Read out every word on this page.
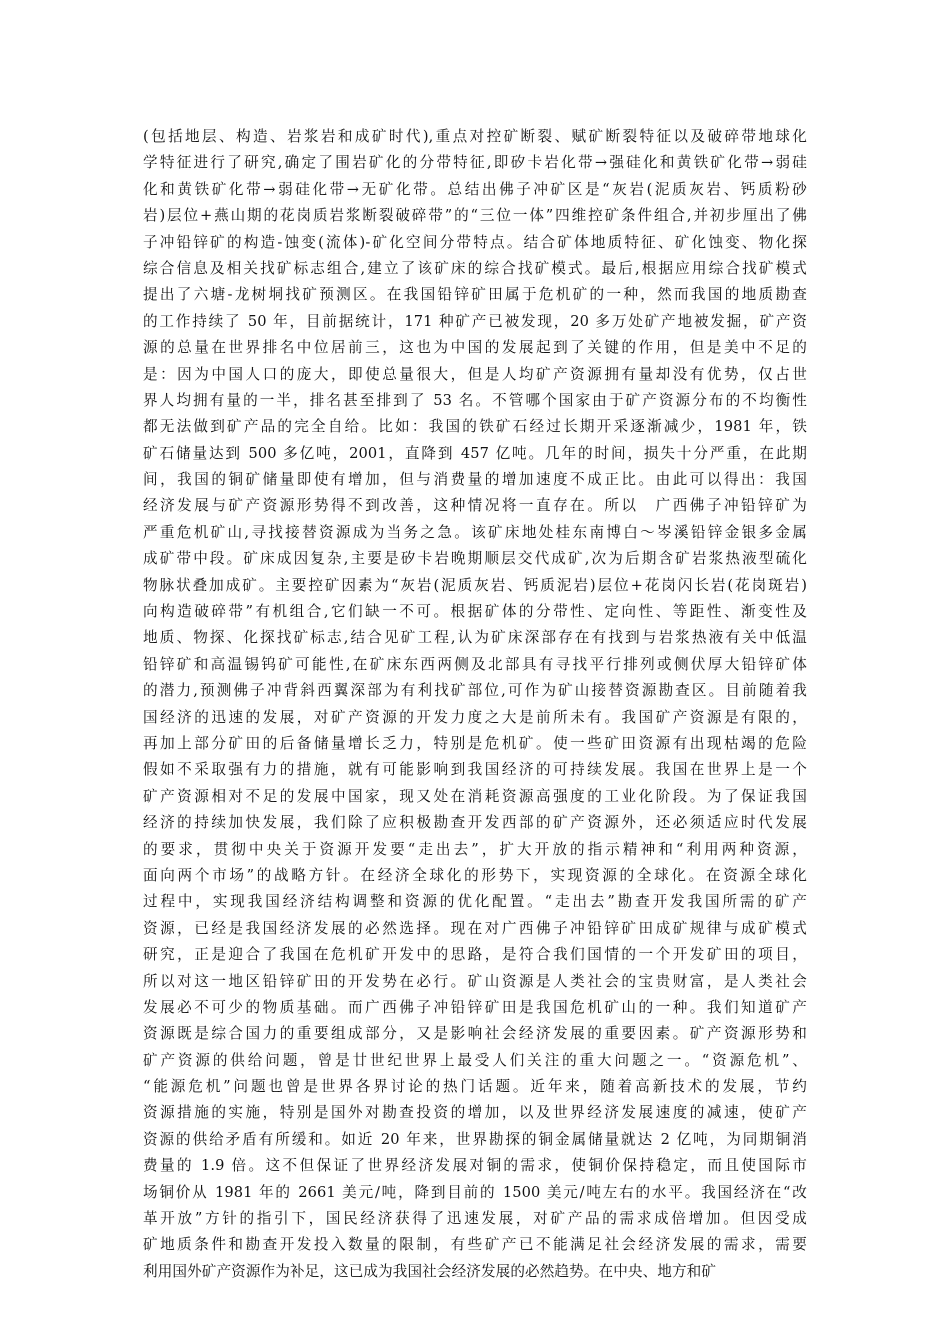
(包括地层、构造、岩浆岩和成矿时代),重点对控矿断裂、赋矿断裂特征以及破碎带地球化
学特征进行了研究,确定了围岩矿化的分带特征,即矽卡岩化带→强硅化和黄铁矿化带→弱硅
化和黄铁矿化带→弱硅化带→无矿化带。总结出佛子冲矿区是“灰岩(泥质灰岩、钙质粉砂
岩)层位+燕山期的花岗质岩浆断裂破碎带”的“三位一体”四维控矿条件组合,并初步厘出了佛
子冲铅锌矿的构造-蚀变(流体)-矿化空间分带特点。结合矿体地质特征、矿化蚀变、物化探
综合信息及相关找矿标志组合,建立了该矿床的综合找矿模式。最后,根据应用综合找矿模式
提出了六塘-龙树垌找矿预测区。在我国铅锌矿田属于危机矿的一种，然而我国的地质勘查
的工作持续了 50 年，目前据统计，171 种矿产已被发现，20 多万处矿产地被发掘，矿产资
源的总量在世界排名中位居前三，这也为中国的发展起到了关键的作用，但是美中不足的
是：因为中国人口的庞大，即使总量很大，但是人均矿产资源拥有量却没有优势，仅占世
界人均拥有量的一半，排名甚至排到了 53 名。不管哪个国家由于矿产资源分布的不均衡性
都无法做到矿产品的完全自给。比如：我国的铁矿石经过长期开采逐渐减少，1981 年，铁
矿石储量达到 500 多亿吨，2001，直降到 457 亿吨。几年的时间，损失十分严重，在此期
间，我国的铜矿储量即使有增加，但与消费量的增加速度不成正比。由此可以得出：我国
经济发展与矿产资源形势得不到改善，这种情况将一直存在。所以　广西佛子冲铅锌矿为
严重危机矿山,寻找接替资源成为当务之急。该矿床地处桂东南博白～岑溪铅锌金银多金属
成矿带中段。矿床成因复杂,主要是矽卡岩晚期顺层交代成矿,次为后期含矿岩浆热液型硫化
物脉状叠加成矿。主要控矿因素为“灰岩(泥质灰岩、钙质泥岩)层位+花岗闪长岩(花岗斑岩)
向构造破碎带”有机组合,它们缺一不可。根据矿体的分带性、定向性、等距性、渐变性及
地质、物探、化探找矿标志,结合见矿工程,认为矿床深部存在有找到与岩浆热液有关中低温
铅锌矿和高温锡钨矿可能性,在矿床东西两侧及北部具有寻找平行排列或侧伏厚大铅锌矿体
的潜力,预测佛子冲背斜西翼深部为有利找矿部位,可作为矿山接替资源勘查区。目前随着我
国经济的迅速的发展，对矿产资源的开发力度之大是前所未有。我国矿产资源是有限的，
再加上部分矿田的后备储量增长乏力，特别是危机矿。使一些矿田资源有出现枯竭的危险
假如不采取强有力的措施，就有可能影响到我国经济的可持续发展。我国在世界上是一个
矿产资源相对不足的发展中国家，现又处在消耗资源高强度的工业化阶段。为了保证我国
经济的持续加快发展，我们除了应积极勘查开发西部的矿产资源外，还必须适应时代发展
的要求，贯彻中央关于资源开发要“走出去”，扩大开放的指示精神和“利用两种资源，
面向两个市场”的战略方针。在经济全球化的形势下，实现资源的全球化。在资源全球化
过程中，实现我国经济结构调整和资源的优化配置。“走出去”勘查开发我国所需的矿产
资源，已经是我国经济发展的必然选择。现在对广西佛子冲铅锌矿田成矿规律与成矿模式
研究，正是迎合了我国在危机矿开发中的思路，是符合我们国情的一个开发矿田的项目，
所以对这一地区铅锌矿田的开发势在必行。矿山资源是人类社会的宝贵财富，是人类社会
发展必不可少的物质基础。而广西佛子冲铅锌矿田是我国危机矿山的一种。我们知道矿产
资源既是综合国力的重要组成部分，又是影响社会经济发展的重要因素。矿产资源形势和
矿产资源的供给问题，曾是廿世纪世界上最受人们关注的重大问题之一。“资源危机”、
“能源危机”问题也曾是世界各界讨论的热门话题。近年来，随着高新技术的发展，节约
资源措施的实施，特别是国外对勘查投资的增加，以及世界经济发展速度的减速，使矿产
资源的供给矛盾有所缓和。如近 20 年来，世界勘探的铜金属储量就达 2 亿吨，为同期铜消
费量的 1.9 倍。这不但保证了世界经济发展对铜的需求，使铜价保持稳定，而且使国际市
场铜价从 1981 年的 2661 美元/吨，降到目前的 1500 美元/吨左右的水平。我国经济在“改
革开放”方针的指引下，国民经济获得了迅速发展，对矿产品的需求成倍增加。但因受成
矿地质条件和勘查开发投入数量的限制，有些矿产已不能满足社会经济发展的需求，需要
利用国外矿产资源作为补足，这已成为我国社会经济发展的必然趋势。在中央、地方和矿
